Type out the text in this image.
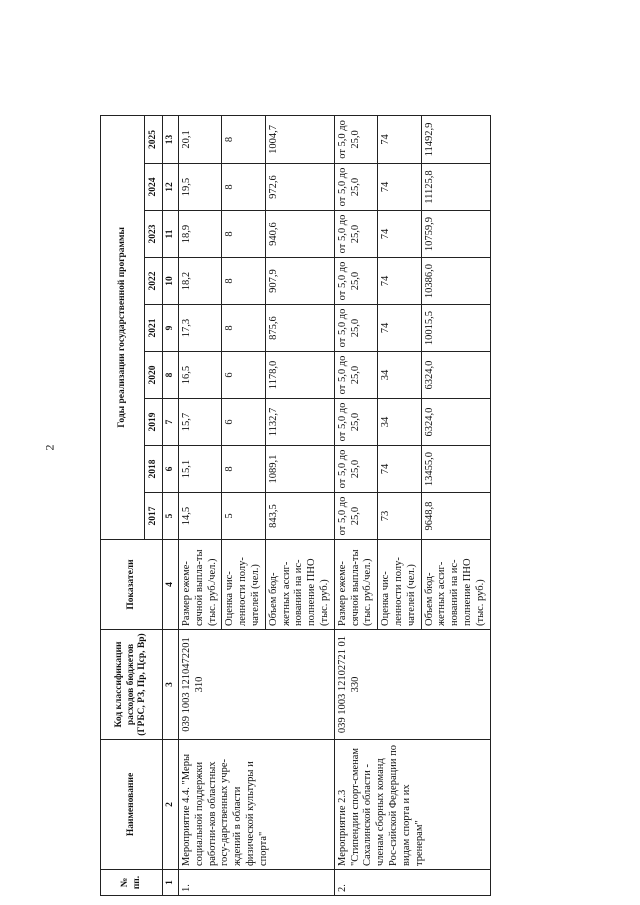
2
№ пп.	Наименование	Код классификации расходов бюджетов (ГРБС, РЗ, Пр, Цср, Вр)	Показатели	Годы реализации государственной программы								
				2017	2018	2019	2020	2021	2022	2023	2024	2025
1	2	3	4	5	6	7	8	9	10	11	12	13
1.	Мероприятие 4.4. "Меры социальной поддержки работни-ков областных госу-дарственных учре-ждений в области физической культуры и спорта"	039 1003 1210472201 310	Размер ежеме-сячной выпла-ты (тыс. руб./чел.)	14,5	15,1	15,7	16,5	17,3	18,2	18,9	19,5	20,1
			Оценка чис-ленности полу-чателей (чел.)	5	8	6	6	8	8	8	8	8
			Объем бюд-жетных ассиг-нований на ис-полнение ПНО (тыс. руб.)	843,5	1089,1	1132,7	1178,0	875,6	907,9	940,6	972,6	1004,7
2.	Мероприятие 2.3 "Стипендии спорт-сменам Сахалинской области - членам сборных команд Рос-сийской Федерации по видам спорта и их тренерам"	039 1003 12102721 01 330	Размер ежеме-сячной выпла-ты (тыс. руб./чел.)	от 5,0 до 25,0	от 5,0 до 25,0	от 5,0 до 25,0	от 5,0 до 25,0	от 5,0 до 25,0	от 5,0 до 25,0	от 5,0 до 25,0	от 5,0 до 25,0	от 5,0 до 25,0
			Оценка чис-ленности полу-чателей (чел.)	73	74	34	34	74	74	74	74	74
			Объем бюд-жетных ассиг-нований на ис-полнение ПНО (тыс. руб.)	9648,8	13455,0	6324,0	6324,0	10015,5	10386,0	10759,9	11125,8	11492,9
